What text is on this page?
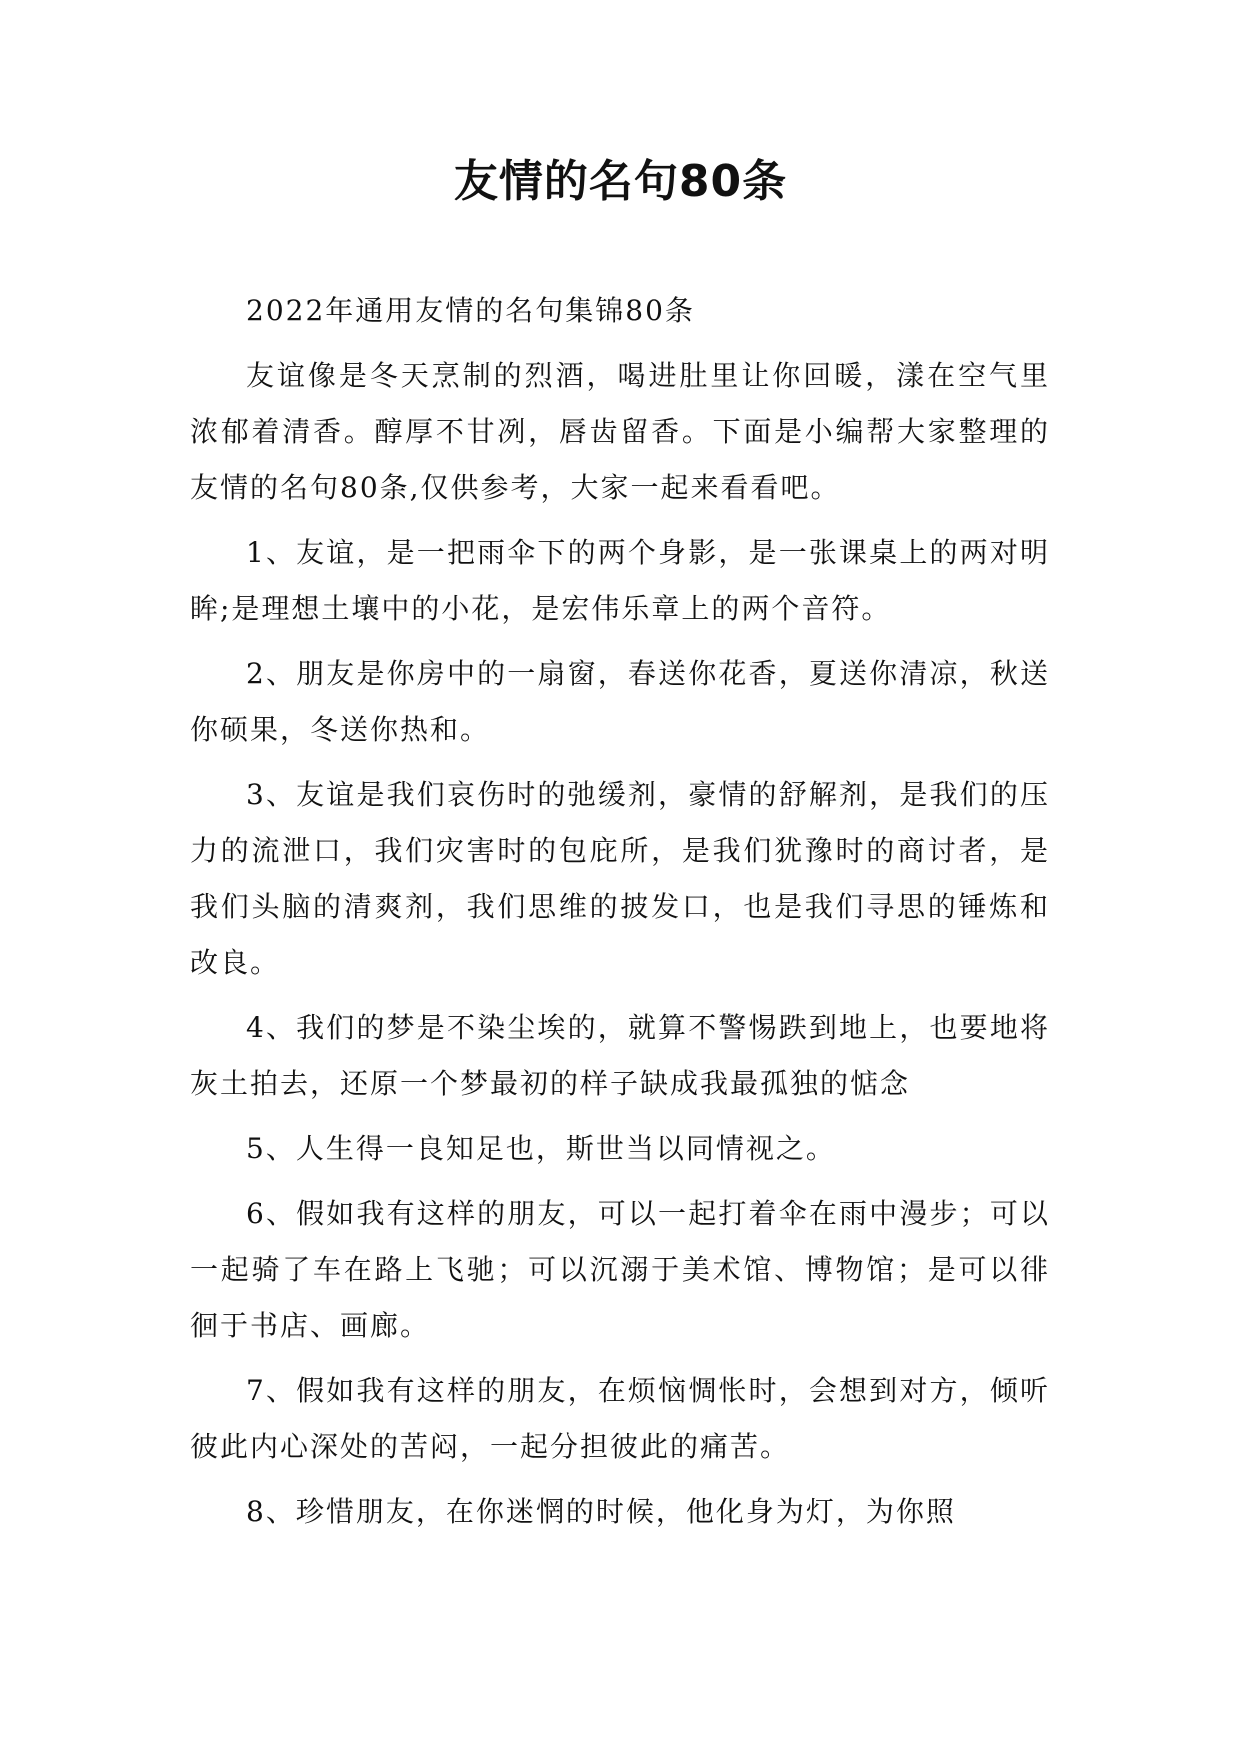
友情的名句80条

2022年通用友情的名句集锦80条

友谊像是冬天烹制的烈酒，喝进肚里让你回暖，漾在空气里浓郁着清香。醇厚不甘冽，唇齿留香。下面是小编帮大家整理的友情的名句80条,仅供参考，大家一起来看看吧。

1、友谊，是一把雨伞下的两个身影，是一张课桌上的两对明眸;是理想土壤中的小花，是宏伟乐章上的两个音符。

2、朋友是你房中的一扇窗，春送你花香，夏送你清凉，秋送你硕果，冬送你热和。

3、友谊是我们哀伤时的弛缓剂，豪情的舒解剂，是我们的压力的流泄口，我们灾害时的包庇所，是我们犹豫时的商讨者，是我们头脑的清爽剂，我们思维的披发口，也是我们寻思的锤炼和改良。

4、我们的梦是不染尘埃的，就算不警惕跌到地上，也要地将灰土拍去，还原一个梦最初的样子缺成我最孤独的惦念

5、人生得一良知足也，斯世当以同情视之。

6、假如我有这样的朋友，可以一起打着伞在雨中漫步；可以一起骑了车在路上飞驰；可以沉溺于美术馆、博物馆；是可以徘徊于书店、画廊。

7、假如我有这样的朋友，在烦恼惆怅时，会想到对方，倾听彼此内心深处的苦闷，一起分担彼此的痛苦。

8、珍惜朋友，在你迷惘的时候，他化身为灯，为你照
